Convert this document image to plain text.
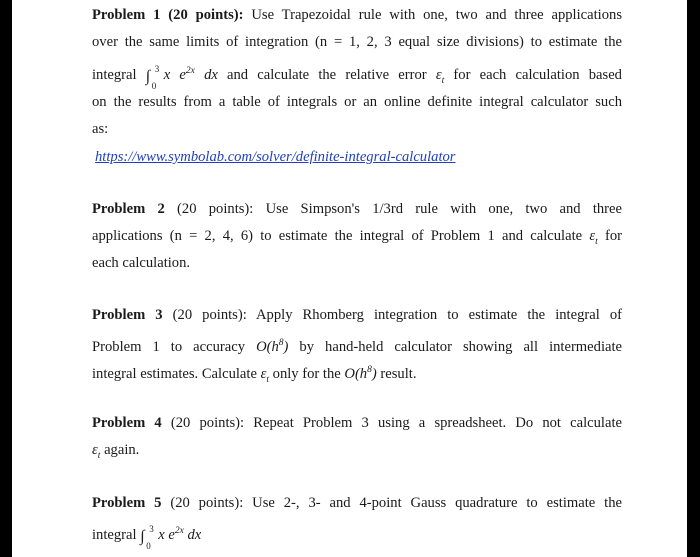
Problem 1 (20 points): Use Trapezoidal rule with one, two and three applications
over the same limits of integration (n = 1, 2, 3 equal size divisions) to estimate the
integral ∫ 3
0
x $e^{2x}$ dx and calculate the relative error $\varepsilon_t$ for each calculation based
on the results from a table of integrals or an online definite integral calculator such
as:
https://www.symbolab.com/solver/definite-integral-calculator
Problem 2 (20 points): Use Simpson's 1/3rd rule with one, two and three
applications (n = 2, 4, 6) to estimate the integral of Problem 1 and calculate $\varepsilon_t$ for
each calculation.
Problem 3 (20 points): Apply Rhomberg integration to estimate the integral of
Problem 1 to accuracy $O(h^8)$ by hand-held calculator showing all intermediate
integral estimates. Calculate $\varepsilon_t$ only for the $O(h^8)$ result.
Problem 4 (20 points): Repeat Problem 3 using a spreadsheet. Do not calculate
$\varepsilon_t$ again.
Problem 5 (20 points): Use 2-, 3- and 4-point Gauss quadrature to estimate the
integral ∫ 3
0
x $e^{2x}$ dx
